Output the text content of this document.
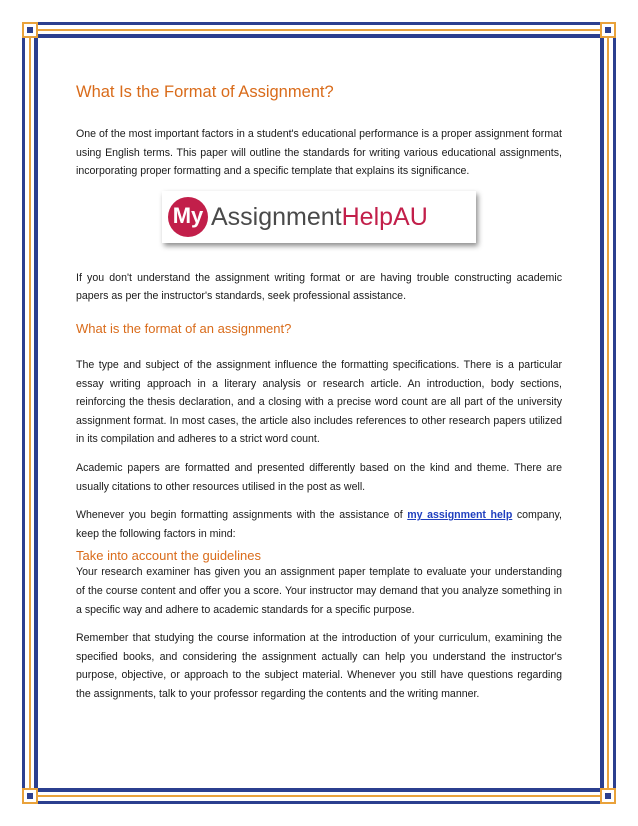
What Is the Format of Assignment?

One of the most important factors in a student's educational performance is a proper assignment format using English terms. This paper will outline the standards for writing various educational assignments, incorporating proper formatting and a specific template that explains its significance.

My AssignmentHelpAU

If you don't understand the assignment writing format or are having trouble constructing academic papers as per the instructor's standards, seek professional assistance.

What is the format of an assignment?

The type and subject of the assignment influence the formatting specifications. There is a particular essay writing approach in a literary analysis or research article. An introduction, body sections, reinforcing the thesis declaration, and a closing with a precise word count are all part of the university assignment format. In most cases, the article also includes references to other research papers utilized in its compilation and adheres to a strict word count.

Academic papers are formatted and presented differently based on the kind and theme. There are usually citations to other resources utilised in the post as well.

Whenever you begin formatting assignments with the assistance of my assignment help company, keep the following factors in mind:

Take into account the guidelines

Your research examiner has given you an assignment paper template to evaluate your understanding of the course content and offer you a score. Your instructor may demand that you analyze something in a specific way and adhere to academic standards for a specific purpose.

Remember that studying the course information at the introduction of your curriculum, examining the specified books, and considering the assignment actually can help you understand the instructor's purpose, objective, or approach to the subject material. Whenever you still have questions regarding the assignments, talk to your professor regarding the contents and the writing manner.
